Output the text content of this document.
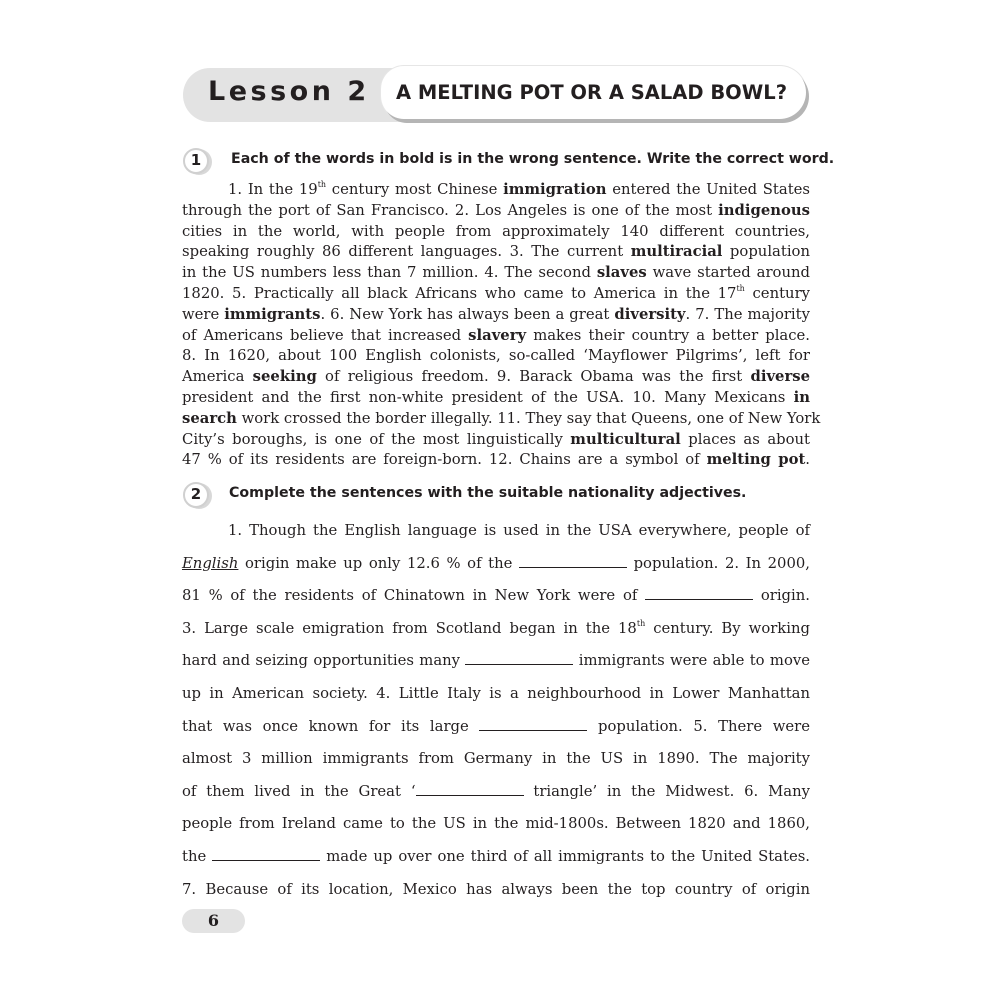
Lesson 2 A MELTING POT OR A SALAD BOWL?
1	Each of the words in bold is in the wrong sentence. Write the correct word.
1. In the 19th century most Chinese immigration entered the United States
through the port of San Francisco. 2. Los Angeles is one of the most indigenous
cities in the world, with people from approximately 140 different countries,
speaking roughly 86 different languages. 3. The current multiracial population
in the US numbers less than 7 million. 4. The second slaves wave started around
1820. 5. Practically all black Africans who came to America in the 17th century
were immigrants. 6. New York has always been a great diversity. 7. The majority
of Americans believe that increased slavery makes their country a better place.
8. In 1620, about 100 English colonists, so-called ‘Mayflower Pilgrims’, left for
America seeking of religious freedom. 9. Barack Obama was the first diverse
president and the first non-white president of the USA. 10. Many Mexicans in
search work crossed the border illegally. 11. They say that Queens, one of New York
City’s boroughs, is one of the most linguistically multicultural places as about
47 % of its residents are foreign-born. 12. Chains are a symbol of melting pot.
2	Complete the sentences with the suitable nationality adjectives.
1. Though the English language is used in the USA everywhere, people of
English origin make up only 12.6 % of the	population. 2. In 2000,
81 % of the residents of Chinatown in New York were of	origin.
3. Large scale emigration from Scotland began in the 18th century. By working
hard and seizing opportunities many	immigrants were able to move
up in American society. 4. Little Italy is a neighbourhood in Lower Manhattan
that was once known for its large	population. 5. There were
almost 3 million immigrants from Germany in the US in 1890. The majority
of them lived in the Great ‘	triangle’ in the Midwest. 6. Many
people from Ireland came to the US in the mid-1800s. Between 1820 and 1860,
the	made up over one third of all immigrants to the United States.
7. Because of its location, Mexico has always been the top country of origin
6
